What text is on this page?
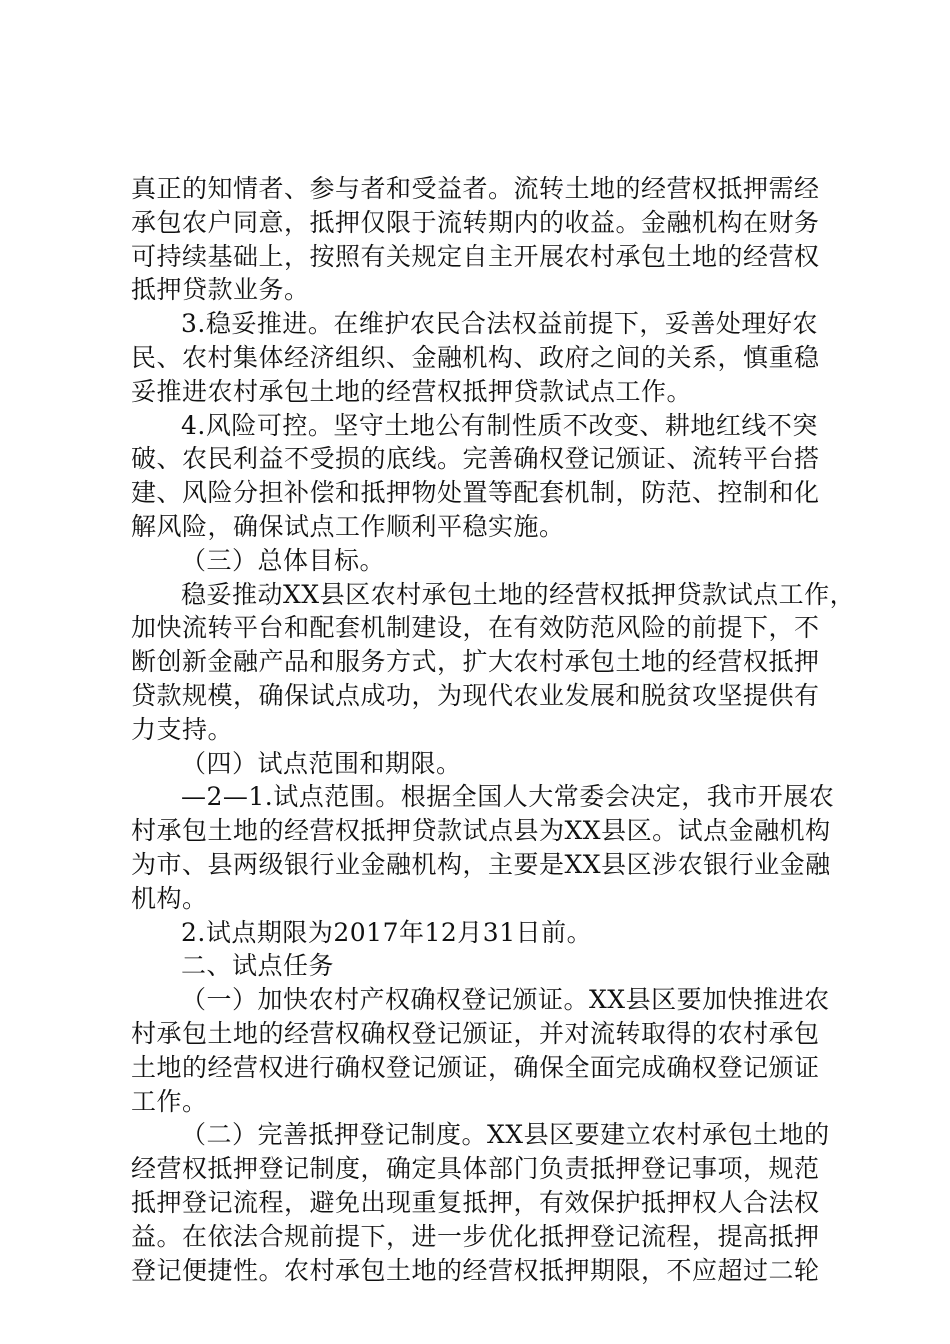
真正的知情者、参与者和受益者。流转土地的经营权抵押需经
承包农户同意，抵押仅限于流转期内的收益。金融机构在财务
可持续基础上，按照有关规定自主开展农村承包土地的经营权
抵押贷款业务。
3.稳妥推进。在维护农民合法权益前提下，妥善处理好农
民、农村集体经济组织、金融机构、政府之间的关系，慎重稳
妥推进农村承包土地的经营权抵押贷款试点工作。
4.风险可控。坚守土地公有制性质不改变、耕地红线不突
破、农民利益不受损的底线。完善确权登记颁证、流转平台搭
建、风险分担补偿和抵押物处置等配套机制，防范、控制和化
解风险，确保试点工作顺利平稳实施。
（三）总体目标。
稳妥推动XX县区农村承包土地的经营权抵押贷款试点工作，
加快流转平台和配套机制建设，在有效防范风险的前提下，不
断创新金融产品和服务方式，扩大农村承包土地的经营权抵押
贷款规模，确保试点成功，为现代农业发展和脱贫攻坚提供有
力支持。
（四）试点范围和期限。
—2—1.试点范围。根据全国人大常委会决定，我市开展农
村承包土地的经营权抵押贷款试点县为XX县区。试点金融机构
为市、县两级银行业金融机构，主要是XX县区涉农银行业金融
机构。
2.试点期限为2017年12月31日前。
二、试点任务
（一）加快农村产权确权登记颁证。XX县区要加快推进农
村承包土地的经营权确权登记颁证，并对流转取得的农村承包
土地的经营权进行确权登记颁证，确保全面完成确权登记颁证
工作。
（二）完善抵押登记制度。XX县区要建立农村承包土地的
经营权抵押登记制度，确定具体部门负责抵押登记事项，规范
抵押登记流程，避免出现重复抵押，有效保护抵押权人合法权
益。在依法合规前提下，进一步优化抵押登记流程，提高抵押
登记便捷性。农村承包土地的经营权抵押期限，不应超过二轮
